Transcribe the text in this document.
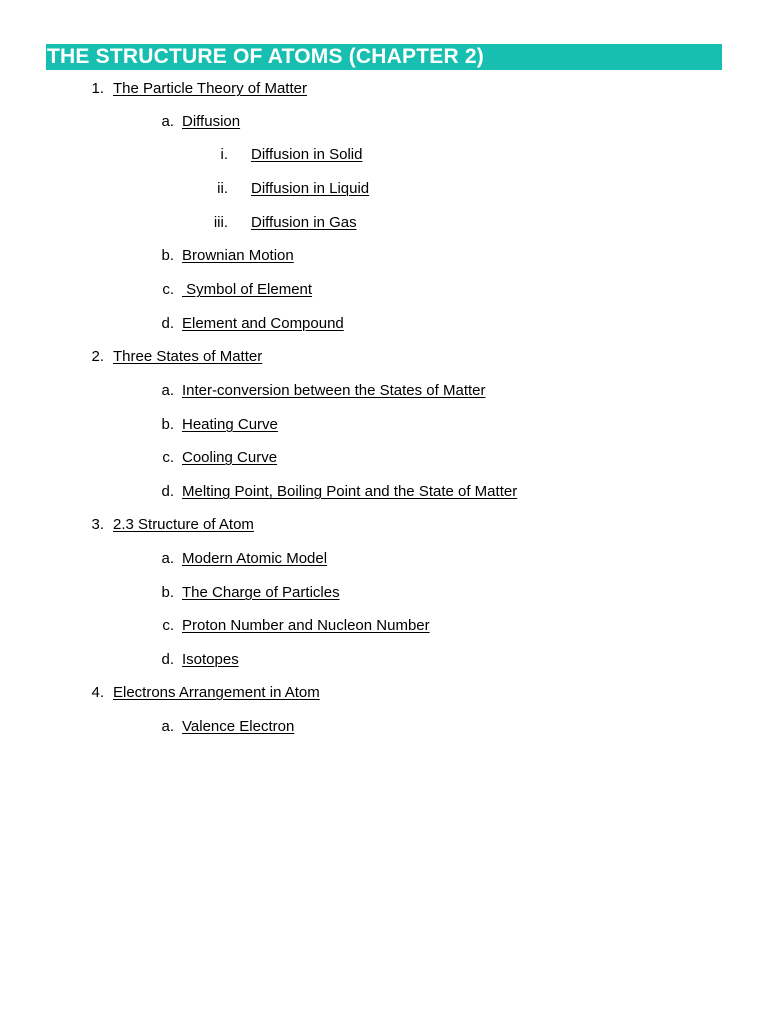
THE STRUCTURE OF ATOMS (CHAPTER 2)
1. The Particle Theory of Matter
a. Diffusion
i. Diffusion in Solid
ii. Diffusion in Liquid
iii. Diffusion in Gas
b. Brownian Motion
c. Symbol of Element
d. Element and Compound
2. Three States of Matter
a. Inter-conversion between the States of Matter
b. Heating Curve
c. Cooling Curve
d. Melting Point, Boiling Point and the State of Matter
3. 2.3 Structure of Atom
a. Modern Atomic Model
b. The Charge of Particles
c. Proton Number and Nucleon Number
d. Isotopes
4. Electrons Arrangement in Atom
a. Valence Electron
